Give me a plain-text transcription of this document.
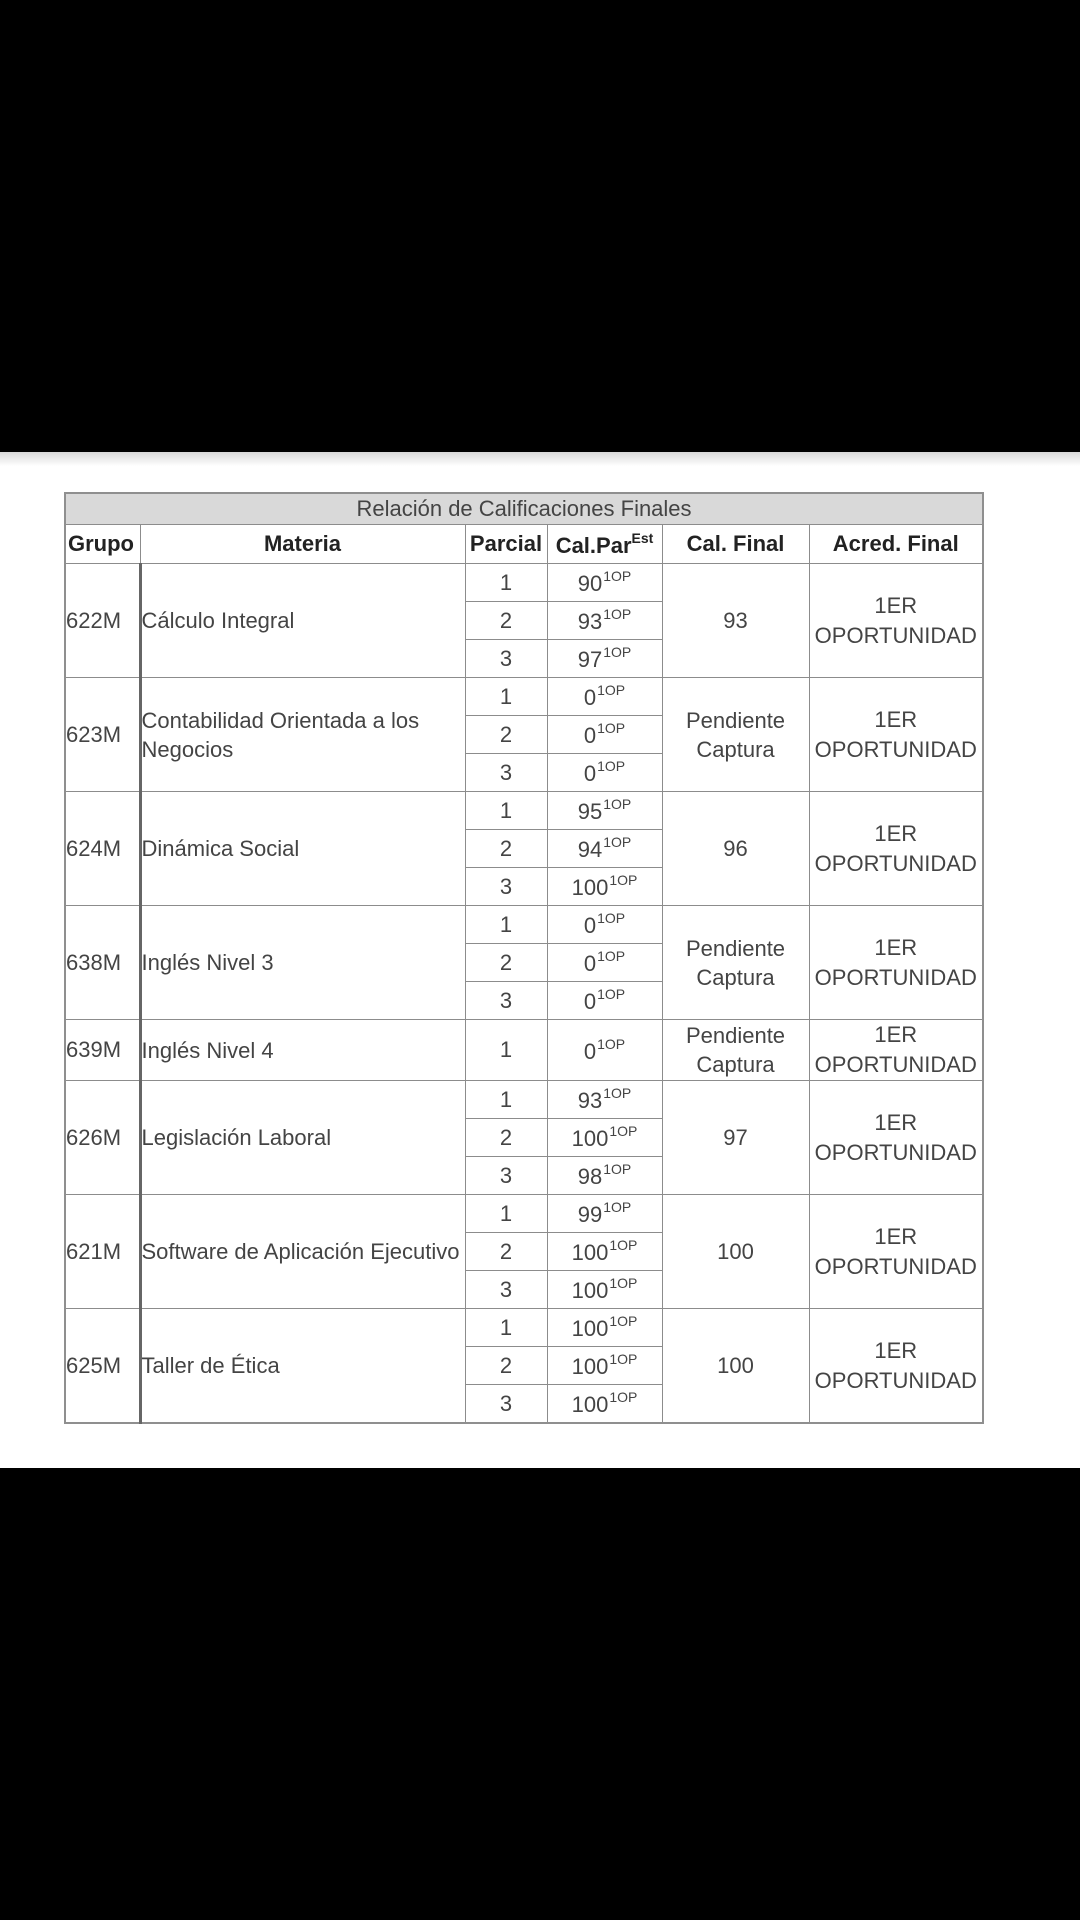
Relación de Calificaciones Finales					
Grupo	Materia	Parcial	Cal.Par$^{Est}$	Cal. Final	Acred. Final
622M	Cálculo Integral	1	$90^{1OP}$	93	1ER OPORTUNIDAD
		2	$93^{1OP}$
		3	$97^{1OP}$
623M	Contabilidad Orientada a los Negocios	1	$0^{1OP}$	Pendiente Captura	1ER OPORTUNIDAD
		2	$0^{1OP}$
		3	$0^{1OP}$
624M	Dinámica Social	1	$95^{1OP}$	96	1ER OPORTUNIDAD
		2	$94^{1OP}$
		3	$100^{1OP}$
638M	Inglés Nivel 3	1	$0^{1OP}$	Pendiente Captura	1ER OPORTUNIDAD
		2	$0^{1OP}$
		3	$0^{1OP}$
639M	Inglés Nivel 4	1	$0^{1OP}$	Pendiente Captura	1ER OPORTUNIDAD
626M	Legislación Laboral	1	$93^{1OP}$	97	1ER OPORTUNIDAD
		2	$100^{1OP}$
		3	$98^{1OP}$
621M	Software de Aplicación Ejecutivo	1	$99^{1OP}$	100	1ER OPORTUNIDAD
		2	$100^{1OP}$
		3	$100^{1OP}$
625M	Taller de Ética	1	$100^{1OP}$	100	1ER OPORTUNIDAD
		2	$100^{1OP}$
		3	$100^{1OP}$
